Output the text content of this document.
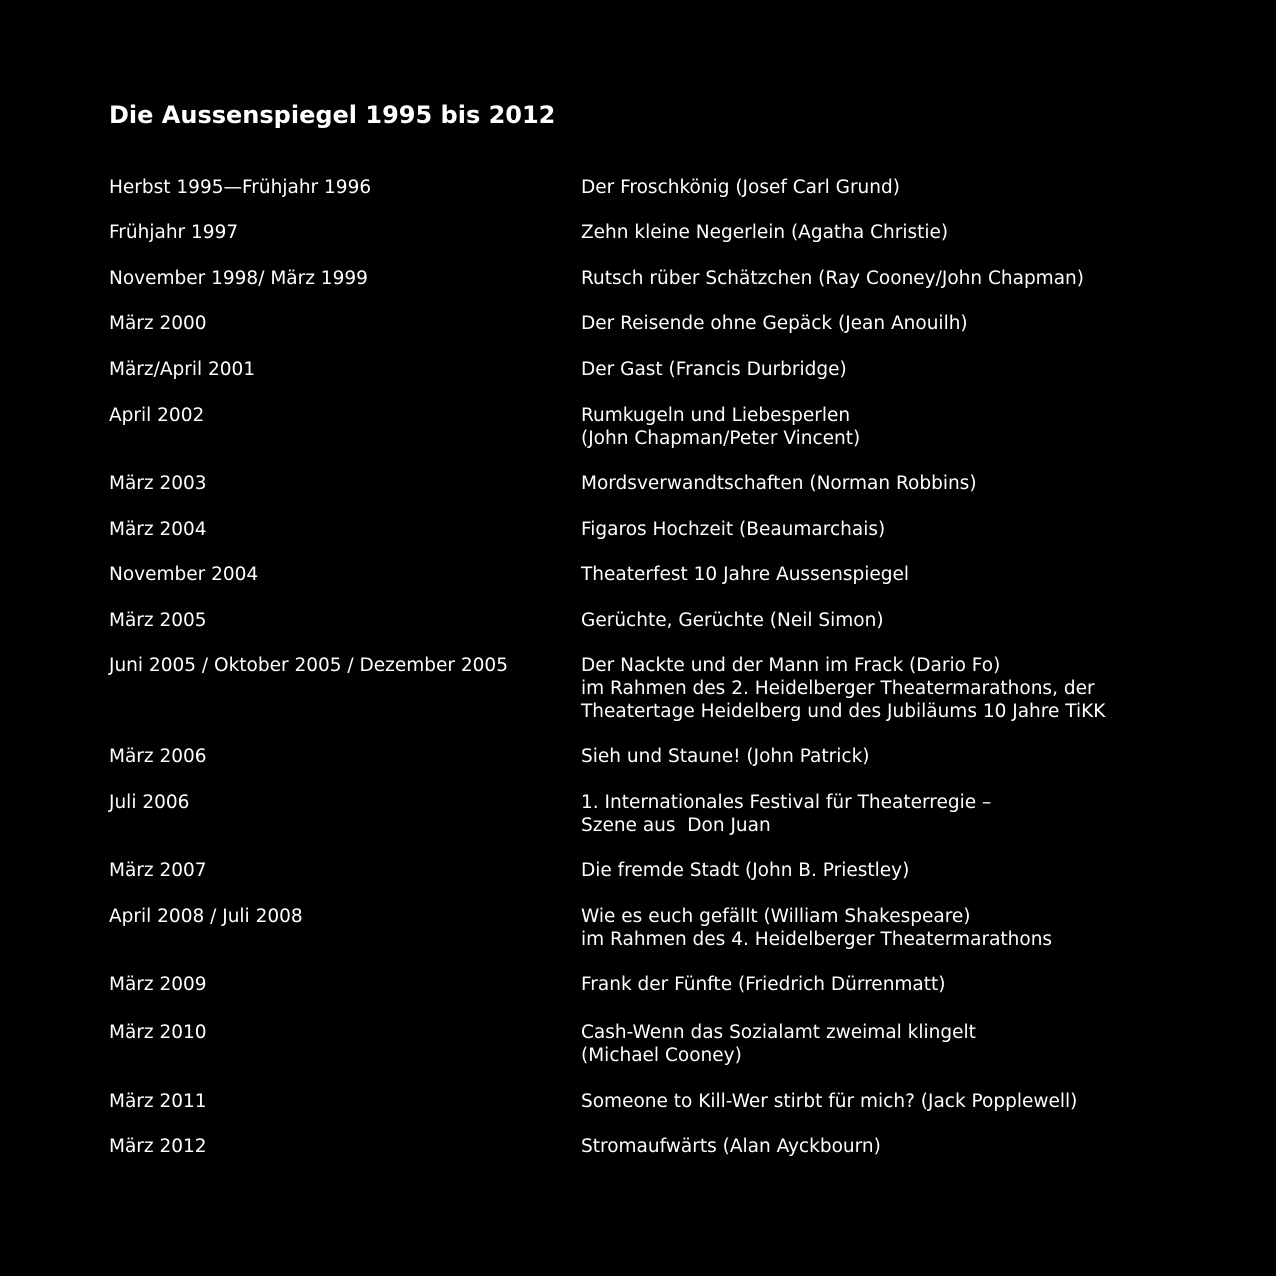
Die Aussenspiegel 1995 bis 2012
Herbst 1995—Frühjahr 1996	Der Froschkönig (Josef Carl Grund)
Frühjahr 1997	Zehn kleine Negerlein (Agatha Christie)
November 1998/ März 1999	Rutsch rüber Schätzchen (Ray Cooney/John Chapman)
März 2000	Der Reisende ohne Gepäck (Jean Anouilh)
März/April 2001	Der Gast (Francis Durbridge)
April 2002	Rumkugeln und Liebesperlen
(John Chapman/Peter Vincent)
März 2003	Mordsverwandtschaften (Norman Robbins)
März 2004	Figaros Hochzeit (Beaumarchais)
November 2004	Theaterfest 10 Jahre Aussenspiegel
März 2005	Gerüchte, Gerüchte (Neil Simon)
Juni 2005 / Oktober 2005 / Dezember 2005	Der Nackte und der Mann im Frack (Dario Fo)
im Rahmen des 2. Heidelberger Theatermarathons, der
Theatertage Heidelberg und des Jubiläums 10 Jahre TiKK
März 2006	Sieh und Staune! (John Patrick)
Juli 2006	1. Internationales Festival für Theaterregie –
Szene aus  Don Juan
März 2007	Die fremde Stadt (John B. Priestley)
April 2008 / Juli 2008	Wie es euch gefällt (William Shakespeare)
im Rahmen des 4. Heidelberger Theatermarathons
März 2009	Frank der Fünfte (Friedrich Dürrenmatt)
März 2010	Cash-Wenn das Sozialamt zweimal klingelt
(Michael Cooney)
März 2011	Someone to Kill-Wer stirbt für mich? (Jack Popplewell)
März 2012	Stromaufwärts (Alan Ayckbourn)
